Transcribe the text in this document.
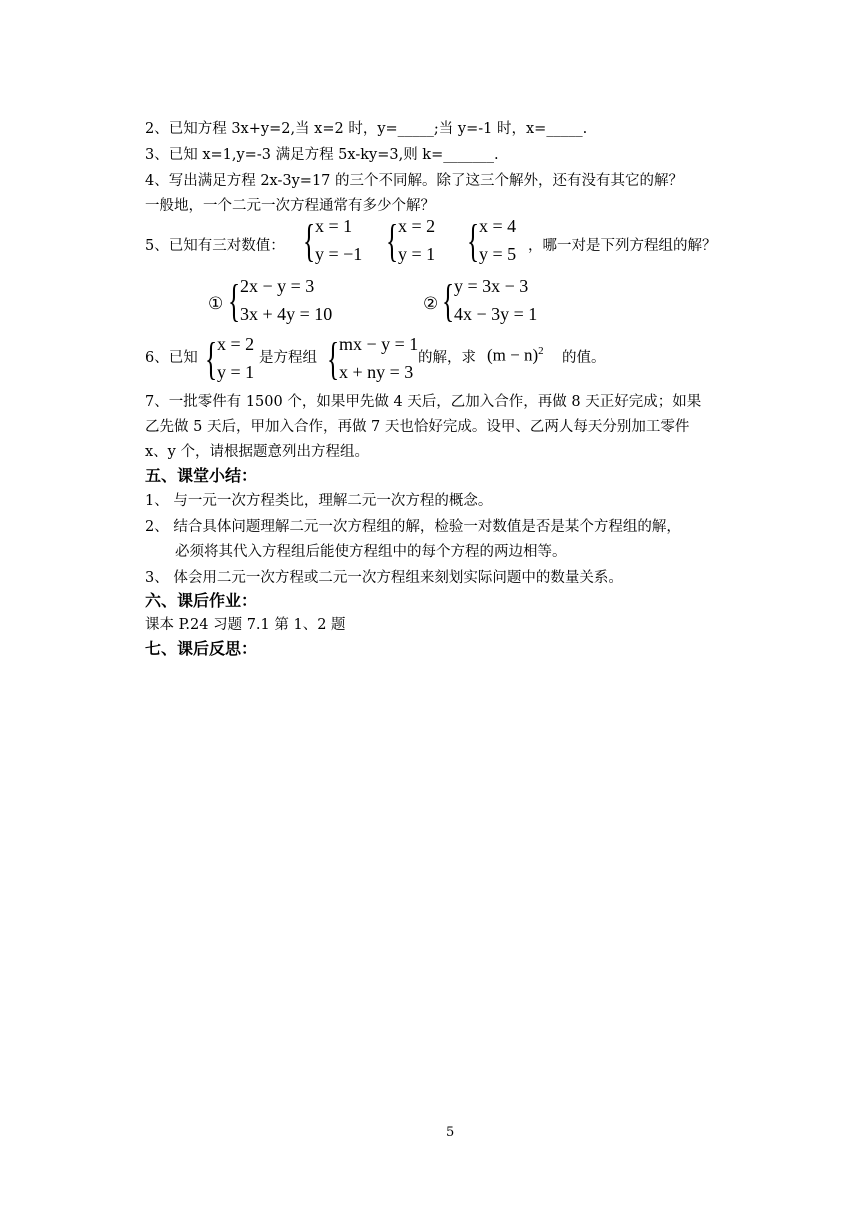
2、已知方程 3x+y=2,当 x=2 时，y=_____;当 y=-1 时，x=_____.
3、已知 x=1,y=-3 满足方程 5x-ky=3,则 k=_______.
4、写出满足方程 2x-3y=17 的三个不同解。除了这三个解外，还有没有其它的解？
一般地，一个二元一次方程通常有多少个解？
5、已知有三对数值： { x = 1
y = −1 { x = 2
y = 1 { x = 4
y = 5 ，哪一对是下列方程组的解？
① { 2x − y = 3
3x + 4y = 10
② { y = 3x − 3
4x − 3y = 1
6、已知 { x = 2
y = 1
是方程组 { mx − y = 1
x + ny = 3
的解，求 $(m - n)^2$ 的值。
7、一批零件有 1500 个，如果甲先做 4 天后，乙加入合作，再做 8 天正好完成；如果
乙先做 5 天后，甲加入合作，再做 7 天也恰好完成。设甲、乙两人每天分别加工零件
x、y 个，请根据题意列出方程组。
五、课堂小结：
1、 与一元一次方程类比，理解二元一次方程的概念。
2、 结合具体问题理解二元一次方程组的解，检验一对数值是否是某个方程组的解，
必须将其代入方程组后能使方程组中的每个方程的两边相等。
3、 体会用二元一次方程或二元一次方程组来刻划实际问题中的数量关系。
六、课后作业：
课本 P.24 习题 7.1 第 1、2 题
七、课后反思：
5
